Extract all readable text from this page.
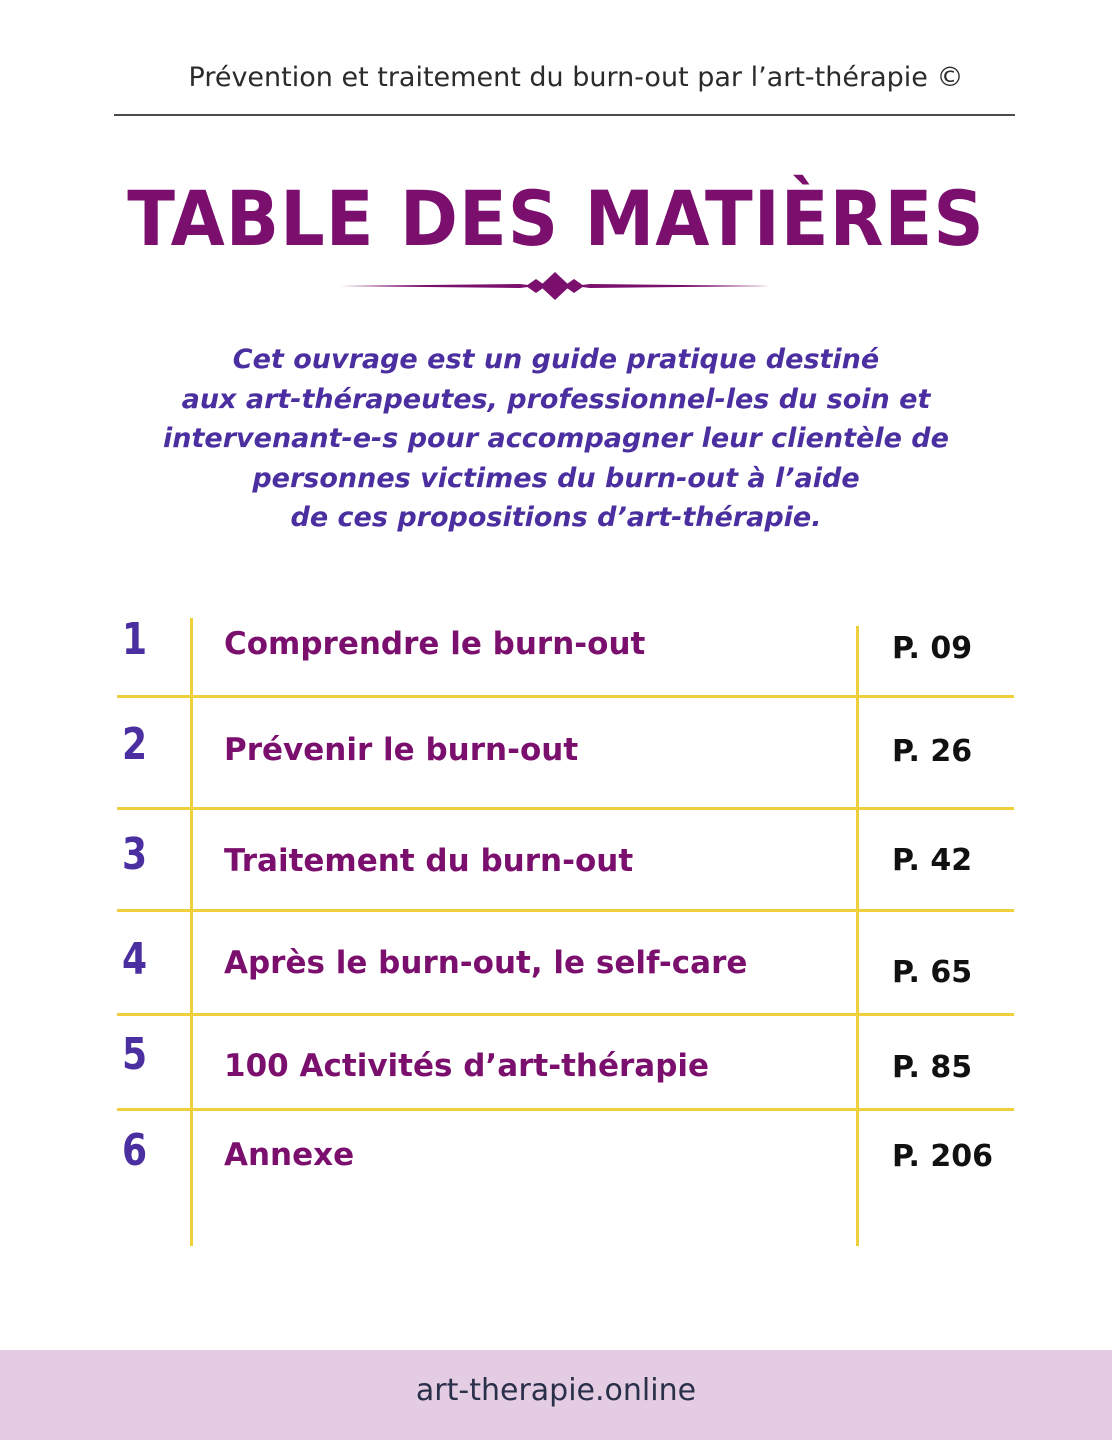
Prévention et traitement du burn-out par l’art-thérapie ©
TABLE DES MATIÈRES
Cet ouvrage est un guide pratique destiné
aux art-thérapeutes, professionnel-les du soin et
intervenant-e-s pour accompagner leur clientèle de
personnes victimes du burn-out à l’aide
de ces propositions d’art-thérapie.
1 Comprendre le burn-out	P. 09
2 Prévenir le burn-out	P. 26
3 Traitement du burn-out	P. 42
4 Après le burn-out, le self-care	P. 65
5 100 Activités d’art-thérapie	P. 85
6 Annexe	P. 206
art-therapie.online
